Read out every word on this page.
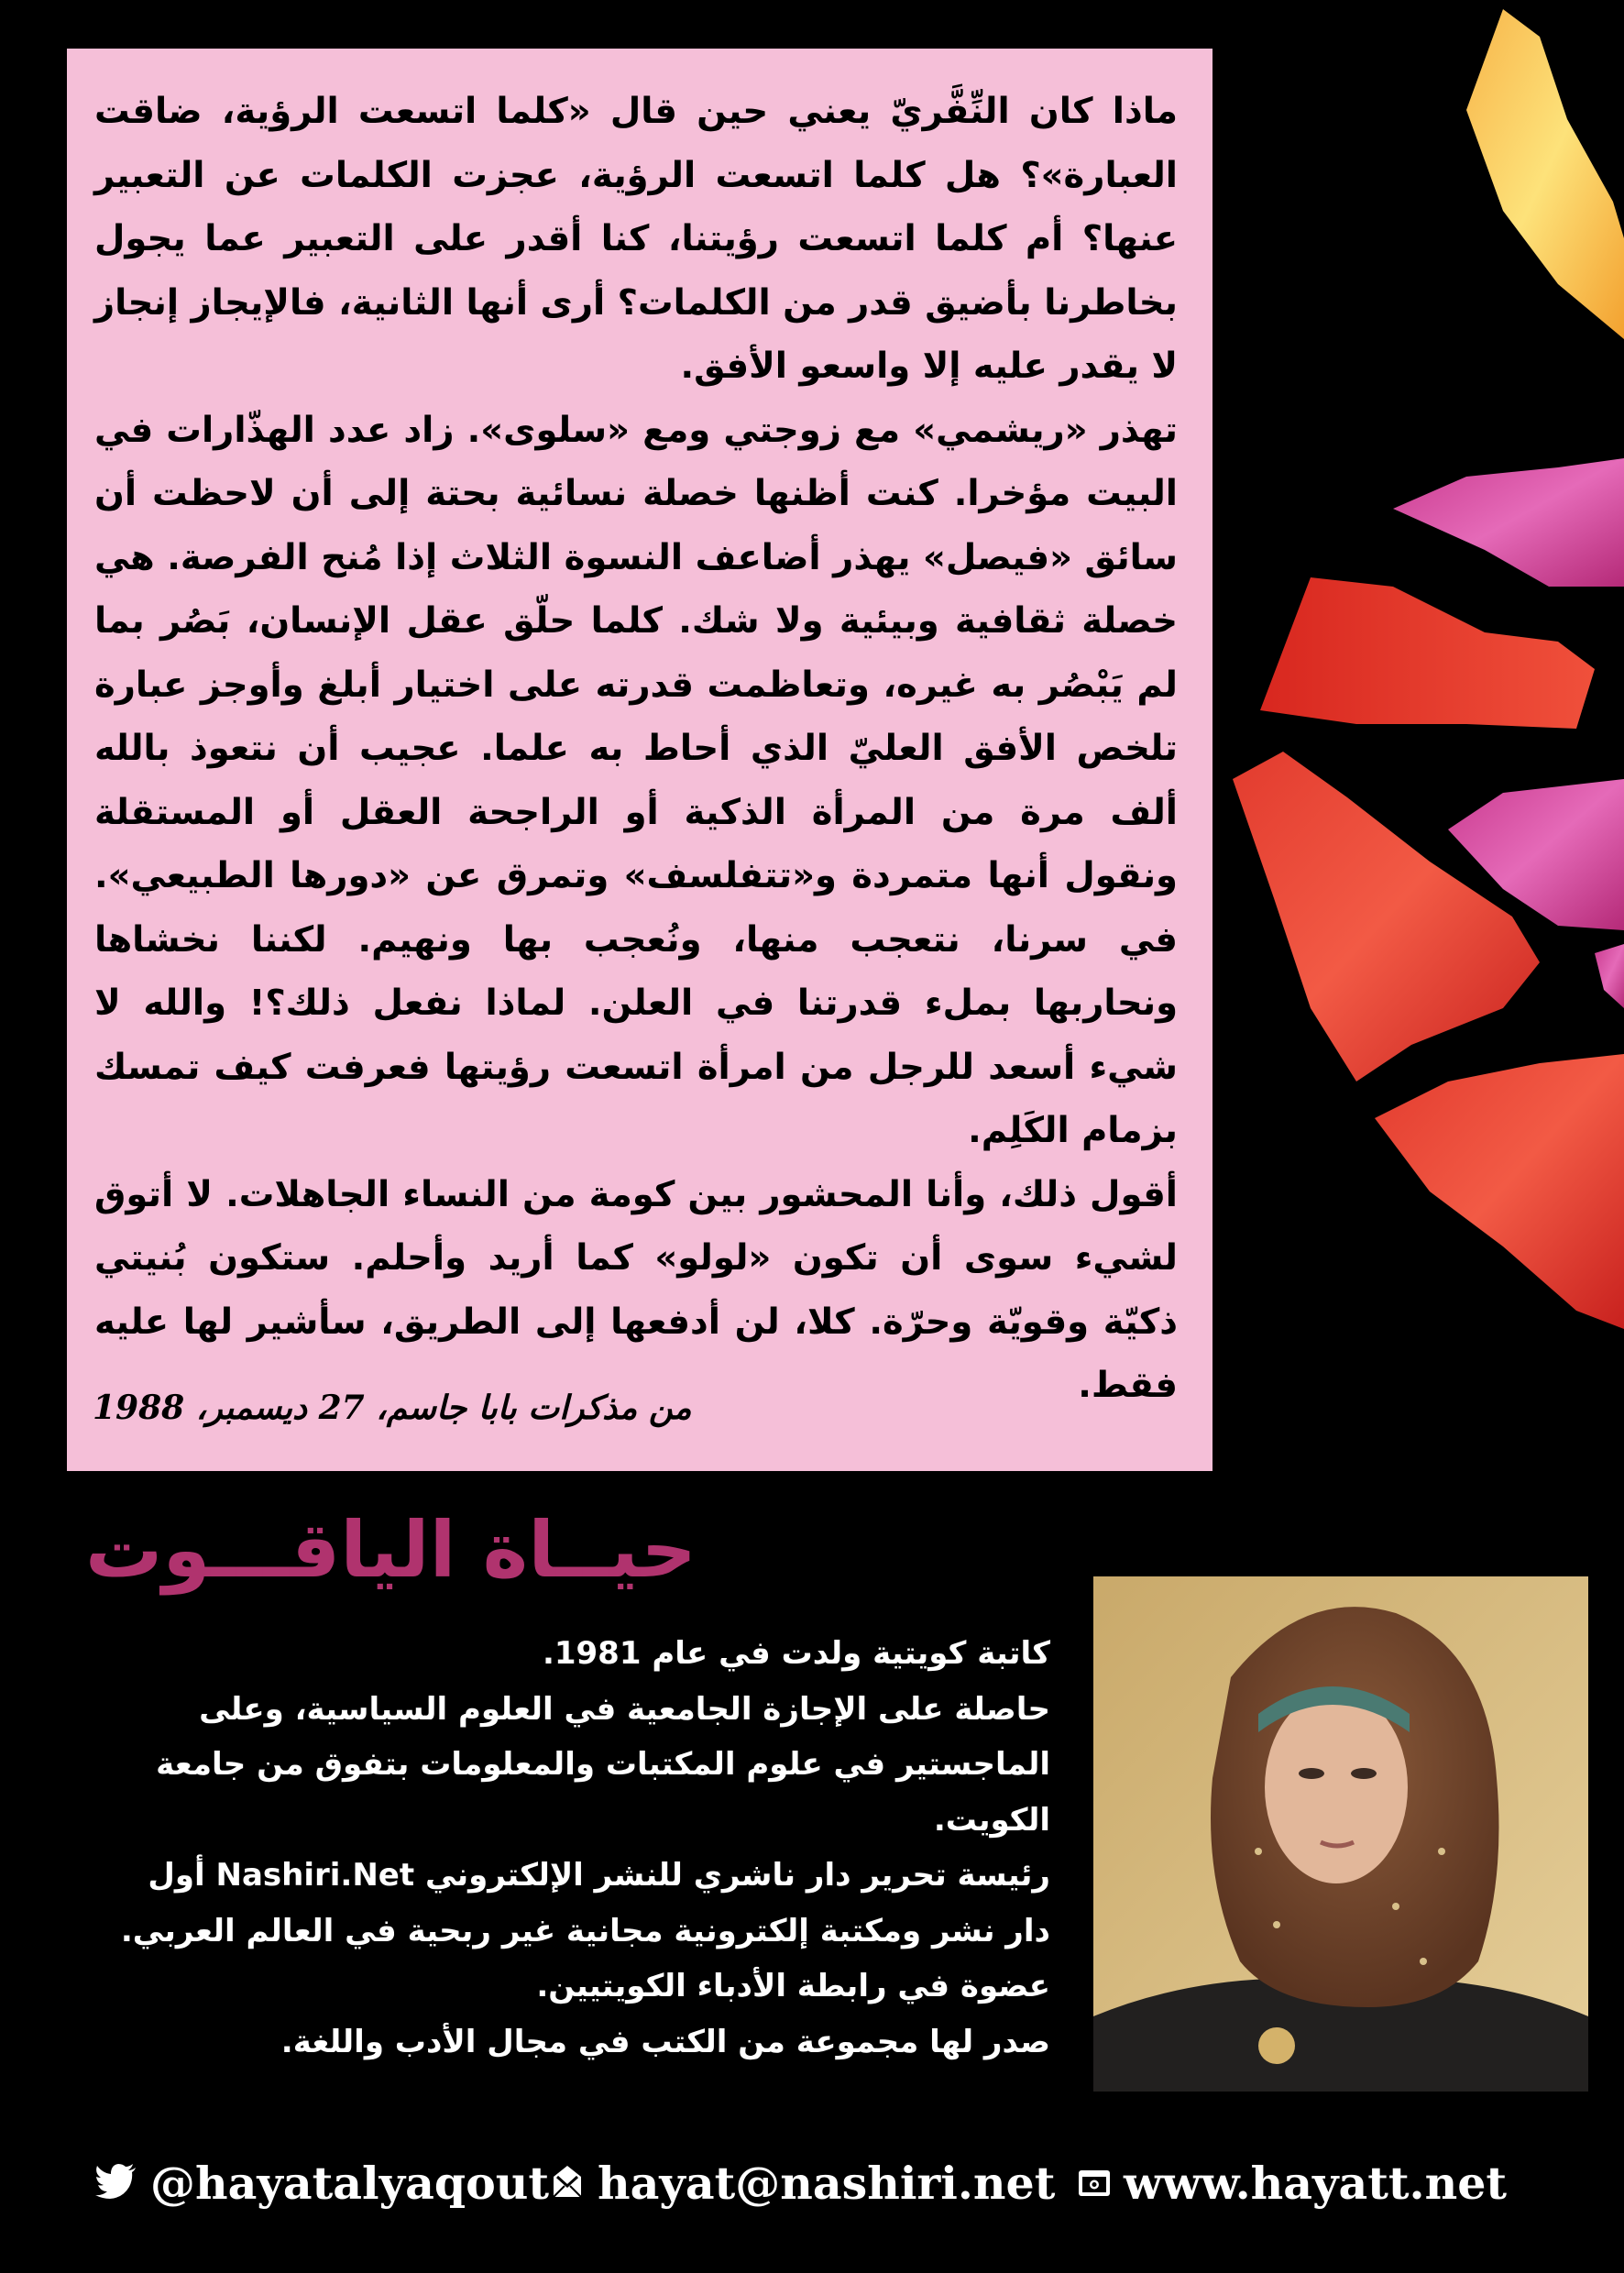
ماذا كان النِّفَّريّ يعني حين قال «كلما اتسعت الرؤية، ضاقت العبارة»؟ هل كلما اتسعت الرؤية، عجزت الكلمات عن التعبير عنها؟ أم كلما اتسعت رؤيتنا، كنا أقدر على التعبير عما يجول بخاطرنا بأضيق قدر من الكلمات؟ أرى أنها الثانية، فالإيجاز إنجاز لا يقدر عليه إلا واسعو الأفق.

تهذر «ريشمي» مع زوجتي ومع «سلوى». زاد عدد الهذّارات في البيت مؤخرا. كنت أظنها خصلة نسائية بحتة إلى أن لاحظت أن سائق «فيصل» يهذر أضاعف النسوة الثلاث إذا مُنح الفرصة. هي خصلة ثقافية وبيئية ولا شك. كلما حلّق عقل الإنسان، بَصُر بما لم يَبْصُر به غيره، وتعاظمت قدرته على اختيار أبلغ وأوجز عبارة تلخص الأفق العليّ الذي أحاط به علما. عجيب أن نتعوذ بالله ألف مرة من المرأة الذكية أو الراجحة العقل أو المستقلة ونقول أنها متمردة و«تتفلسف» وتمرق عن «دورها الطبيعي». في سرنا، نتعجب منها، ونُعجب بها ونهيم. لكننا نخشاها ونحاربها بملء قدرتنا في العلن. لماذا نفعل ذلك؟! والله لا شيء أسعد للرجل من امرأة اتسعت رؤيتها فعرفت كيف تمسك بزمام الكَلِم.

أقول ذلك، وأنا المحشور بين كومة من النساء الجاهلات. لا أتوق لشيء سوى أن تكون «لولو» كما أريد وأحلم. ستكون بُنيتي ذكيّة وقويّة وحرّة. كلا، لن أدفعها إلى الطريق، سأشير لها عليه فقط.

من مذكرات بابا جاسم، 27 ديسمبر، 1988
حيــاة الياقـــوت
كاتبة كويتية ولدت في عام 1981.
حاصلة على الإجازة الجامعية في العلوم السياسية، وعلى
الماجستير في علوم المكتبات والمعلومات بتفوق من جامعة
الكويت.
رئيسة تحرير دار ناشري للنشر الإلكتروني Nashiri.Net أول
دار نشر ومكتبة إلكترونية مجانية غير ربحية في العالم العربي.
عضوة في رابطة الأدباء الكويتيين.
صدر لها مجموعة من الكتب في مجال الأدب واللغة.
@hayatalyaqout hayat@nashiri.net www.hayatt.net
